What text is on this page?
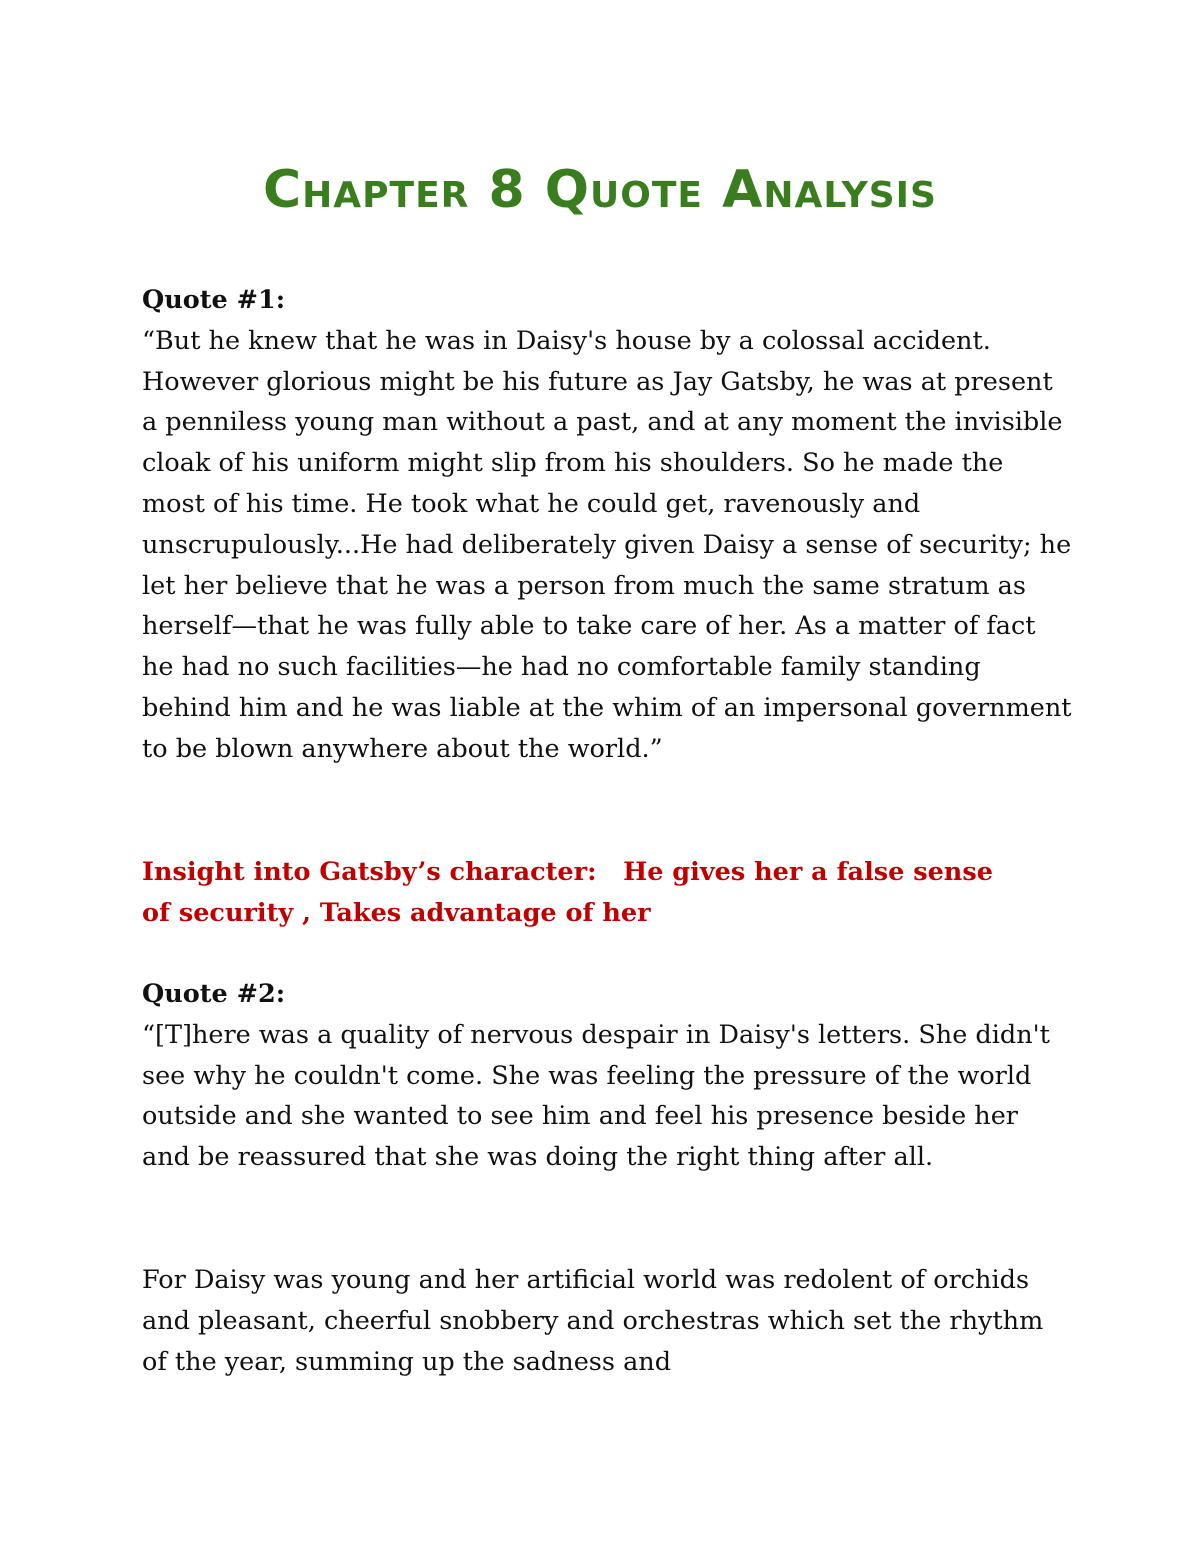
Chapter 8 Quote Analysis

Quote #1:

“But he knew that he was in Daisy's house by a colossal accident. However glorious might be his future as Jay Gatsby, he was at present a penniless young man without a past, and at any moment the invisible cloak of his uniform might slip from his shoulders. So he made the most of his time. He took what he could get, ravenously and unscrupulously...He had deliberately given Daisy a sense of security; he let her believe that he was a person from much the same stratum as herself—that he was fully able to take care of her. As a matter of fact he had no such facilities—he had no comfortable family standing behind him and he was liable at the whim of an impersonal government to be blown anywhere about the world.”

Insight into Gatsby’s character:   He gives her a false sense of security , Takes advantage of her

Quote #2:

“[T]here was a quality of nervous despair in Daisy's letters. She didn't see why he couldn't come. She was feeling the pressure of the world outside and she wanted to see him and feel his presence beside her and be reassured that she was doing the right thing after all.

For Daisy was young and her artificial world was redolent of orchids and pleasant, cheerful snobbery and orchestras which set the rhythm of the year, summing up the sadness and
